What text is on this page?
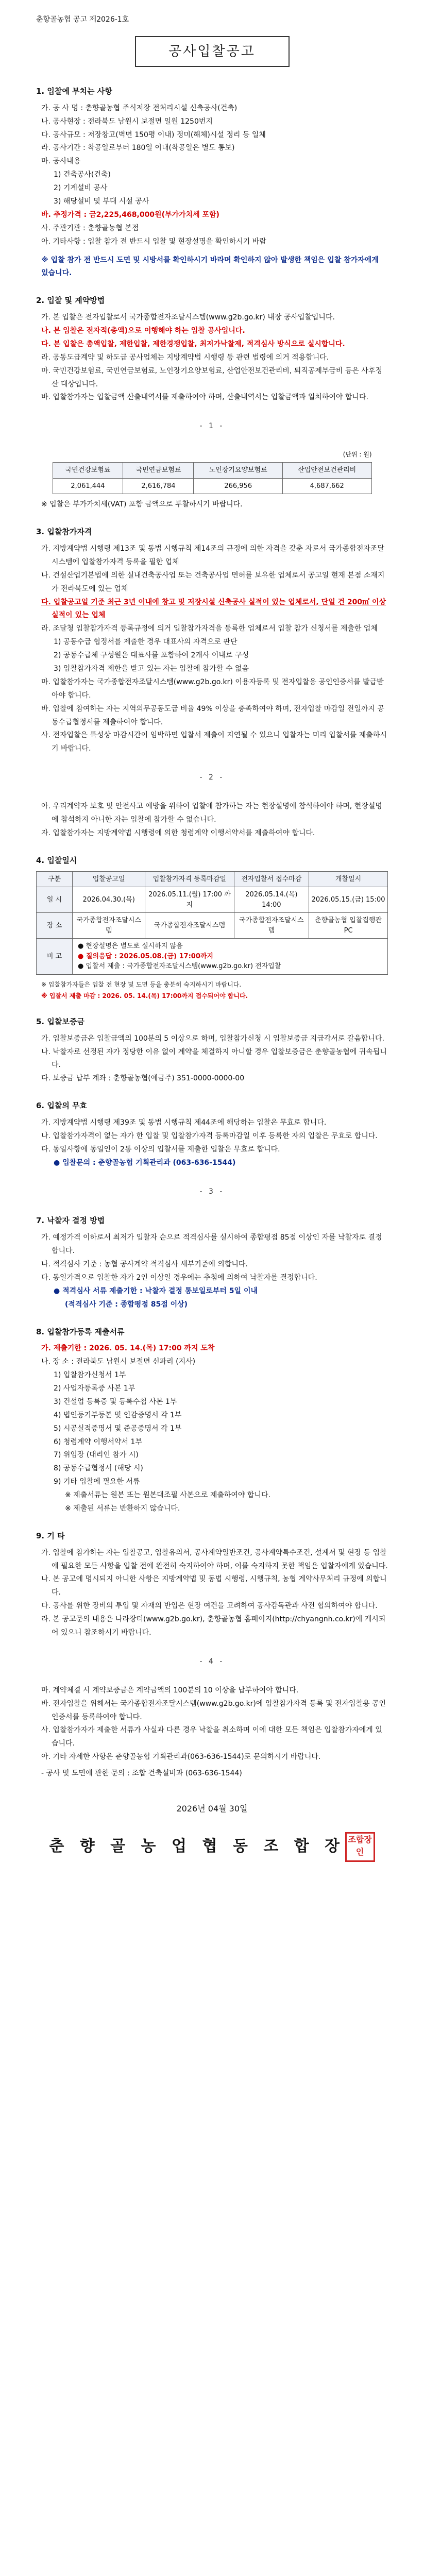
춘향골농협 공고 제2026-1호
공사입찰공고
1. 입찰에 부치는 사항
가. 공 사 명 : 춘향골농협 주식저장 전처리시설 신축공사(건축)
나. 공사현장 : 전라북도 남원시 보절면 일원 1250번지
다. 공사규모 : 저장창고(벽면 150평 이내) 정미(해체)시설 정리 등 일체
라. 공사기간 : 착공일로부터 180일 이내(착공일은 별도 통보)
마. 공사내용
1) 건축공사(건축)
2) 기계설비 공사
3) 해당설비 및 부대 시설 공사
바. 추정가격 : 금2,225,468,000원(부가가치세 포함)
사. 주관기관 : 춘향골농협 본점
아. 기타사항 : 입찰 참가 전 반드시 입찰 및 현장설명을 확인하시기 바람
※ 입찰 참가 전 반드시 도면 및 시방서를 확인하시기 바라며 확인하지 않아 발생한 책임은 입찰 참가자에게 있습니다.
2. 입찰 및 계약방법
가. 본 입찰은 전자입찰로서 국가종합전자조달시스템(www.g2b.go.kr) 내장 공사입찰입니다.
나. 본 입찰은 전자적(총액)으로 이행해야 하는 입찰 공사입니다.
다. 본 입찰은 총액입찰, 제한입찰, 제한경쟁입찰, 최저가낙찰제, 적격심사 방식으로 실시합니다.
라. 공동도급계약 및 하도급 공사업체는 지방계약법 시행령 등 관련 법령에 의거 적용합니다.
마. 국민건강보험료, 국민연금보험료, 노인장기요양보험료, 산업안전보건관리비, 퇴직공제부금비 등은 사후정산 대상입니다.
바. 입찰참가자는 입찰금액 산출내역서를 제출하여야 하며, 산출내역서는 입찰금액과 일치하여야 합니다.
- 1 -
(단위 : 원)
국민건강보험료	국민연금보험료	노인장기요양보험료	산업안전보건관리비
2,061,444	2,616,784	266,956	4,687,662
※ 입찰은 부가가치세(VAT) 포함 금액으로 투찰하시기 바랍니다.
3. 입찰참가자격
가. 지방계약법 시행령 제13조 및 동법 시행규칙 제14조의 규정에 의한 자격을 갖춘 자로서 국가종합전자조달시스템에 입찰참가자격 등록을 필한 업체
나. 건설산업기본법에 의한 실내건축공사업 또는 건축공사업 면허를 보유한 업체로서 공고일 현재 본점 소재지가 전라북도에 있는 업체
다. 입찰공고일 기준 최근 3년 이내에 창고 및 저장시설 신축공사 실적이 있는 업체로서, 단일 건 200㎡ 이상 실적이 있는 업체
라. 조달청 입찰참가자격 등록규정에 의거 입찰참가자격을 등록한 업체로서 입찰 참가 신청서를 제출한 업체
1) 공동수급 협정서를 제출한 경우 대표사의 자격으로 판단
2) 공동수급체 구성원은 대표사를 포함하여 2개사 이내로 구성
3) 입찰참가자격 제한을 받고 있는 자는 입찰에 참가할 수 없음
마. 입찰참가자는 국가종합전자조달시스템(www.g2b.go.kr) 이용자등록 및 전자입찰용 공인인증서를 발급받아야 합니다.
바. 입찰에 참여하는 자는 지역의무공동도급 비율 49% 이상을 충족하여야 하며, 전자입찰 마감일 전일까지 공동수급협정서를 제출하여야 합니다.
사. 전자입찰은 특성상 마감시간이 임박하면 입찰서 제출이 지연될 수 있으니 입찰자는 미리 입찰서를 제출하시기 바랍니다.
- 2 -
아. 우리계약자 보호 및 안전사고 예방을 위하여 입찰에 참가하는 자는 현장설명에 참석하여야 하며, 현장설명에 참석하지 아니한 자는 입찰에 참가할 수 없습니다.
자. 입찰참가자는 지방계약법 시행령에 의한 청렴계약 이행서약서를 제출하여야 합니다.
4. 입찰일시
구분	입찰공고일	입찰참가자격 등록마감일	전자입찰서 접수마감	개찰일시
일 시	2026.04.30.(목)	2026.05.11.(월) 17:00 까지	2026.05.14.(목) 14:00	2026.05.15.(금) 15:00
장 소	국가종합전자조달시스템	국가종합전자조달시스템	국가종합전자조달시스템	춘향골농협 입찰집행관 PC
비 고	● 현장설명은 별도로 실시하지 않음
● 질의응답 : 2026.05.08.(금) 17:00까지
● 입찰서 제출 : 국가종합전자조달시스템(www.g2b.go.kr) 전자입찰			
※ 입찰참가자들은 입찰 전 현장 및 도면 등을 충분히 숙지하시기 바랍니다.
※ 입찰서 제출 마감 : 2026. 05. 14.(목) 17:00까지 접수되어야 합니다.
5. 입찰보증금
가. 입찰보증금은 입찰금액의 100분의 5 이상으로 하며, 입찰참가신청 시 입찰보증금 지급각서로 갈음합니다.
나. 낙찰자로 선정된 자가 정당한 이유 없이 계약을 체결하지 아니할 경우 입찰보증금은 춘향골농협에 귀속됩니다.
다. 보증금 납부 계좌 : 춘향골농협(예금주) 351-0000-0000-00
6. 입찰의 무효
가. 지방계약법 시행령 제39조 및 동법 시행규칙 제44조에 해당하는 입찰은 무효로 합니다.
나. 입찰참가자격이 없는 자가 한 입찰 및 입찰참가자격 등록마감일 이후 등록한 자의 입찰은 무효로 합니다.
다. 동일사항에 동일인이 2통 이상의 입찰서를 제출한 입찰은 무효로 합니다.
● 입찰문의 : 춘향골농협 기획관리과 (063-636-1544)
- 3 -
7. 낙찰자 결정 방법
가. 예정가격 이하로서 최저가 입찰자 순으로 적격심사를 실시하여 종합평점 85점 이상인 자를 낙찰자로 결정합니다.
나. 적격심사 기준 : 농협 공사계약 적격심사 세부기준에 의합니다.
다. 동일가격으로 입찰한 자가 2인 이상일 경우에는 추첨에 의하여 낙찰자를 결정합니다.
● 적격심사 서류 제출기한 : 낙찰자 결정 통보일로부터 5일 이내
(적격심사 기준 : 종합평점 85점 이상)
8. 입찰참가등록 제출서류
가. 제출기한 : 2026. 05. 14.(목) 17:00 까지 도착
나. 장 소 : 전라북도 남원시 보절면 신파리 (지사)
1) 입찰참가신청서 1부
2) 사업자등록증 사본 1부
3) 건설업 등록증 및 등록수첩 사본 1부
4) 법인등기부등본 및 인감증명서 각 1부
5) 시공실적증명서 및 준공증명서 각 1부
6) 청렴계약 이행서약서 1부
7) 위임장 (대리인 참가 시)
8) 공동수급협정서 (해당 시)
9) 기타 입찰에 필요한 서류
※ 제출서류는 원본 또는 원본대조필 사본으로 제출하여야 합니다.
※ 제출된 서류는 반환하지 않습니다.
9. 기 타
가. 입찰에 참가하는 자는 입찰공고, 입찰유의서, 공사계약일반조건, 공사계약특수조건, 설계서 및 현장 등 입찰에 필요한 모든 사항을 입찰 전에 완전히 숙지하여야 하며, 이를 숙지하지 못한 책임은 입찰자에게 있습니다.
나. 본 공고에 명시되지 아니한 사항은 지방계약법 및 동법 시행령, 시행규칙, 농협 계약사무처리 규정에 의합니다.
다. 공사를 위한 장비의 투입 및 자재의 반입은 현장 여건을 고려하여 공사감독관과 사전 협의하여야 합니다.
라. 본 공고문의 내용은 나라장터(www.g2b.go.kr), 춘향골농협 홈페이지(http://chyangnh.co.kr)에 게시되어 있으니 참조하시기 바랍니다.
- 4 -
마. 계약체결 시 계약보증금은 계약금액의 100분의 10 이상을 납부하여야 합니다.
바. 전자입찰을 위해서는 국가종합전자조달시스템(www.g2b.go.kr)에 입찰참가자격 등록 및 전자입찰용 공인인증서를 등록하여야 합니다.
사. 입찰참가자가 제출한 서류가 사실과 다른 경우 낙찰을 취소하며 이에 대한 모든 책임은 입찰참가자에게 있습니다.
아. 기타 자세한 사항은 춘향골농협 기획관리과(063-636-1544)로 문의하시기 바랍니다.
- 공사 및 도면에 관한 문의 : 조합 건축설비과 (063-636-1544)
2026년 04월 30일
춘 향 골 농 업 협 동 조 합 장 조합장인
